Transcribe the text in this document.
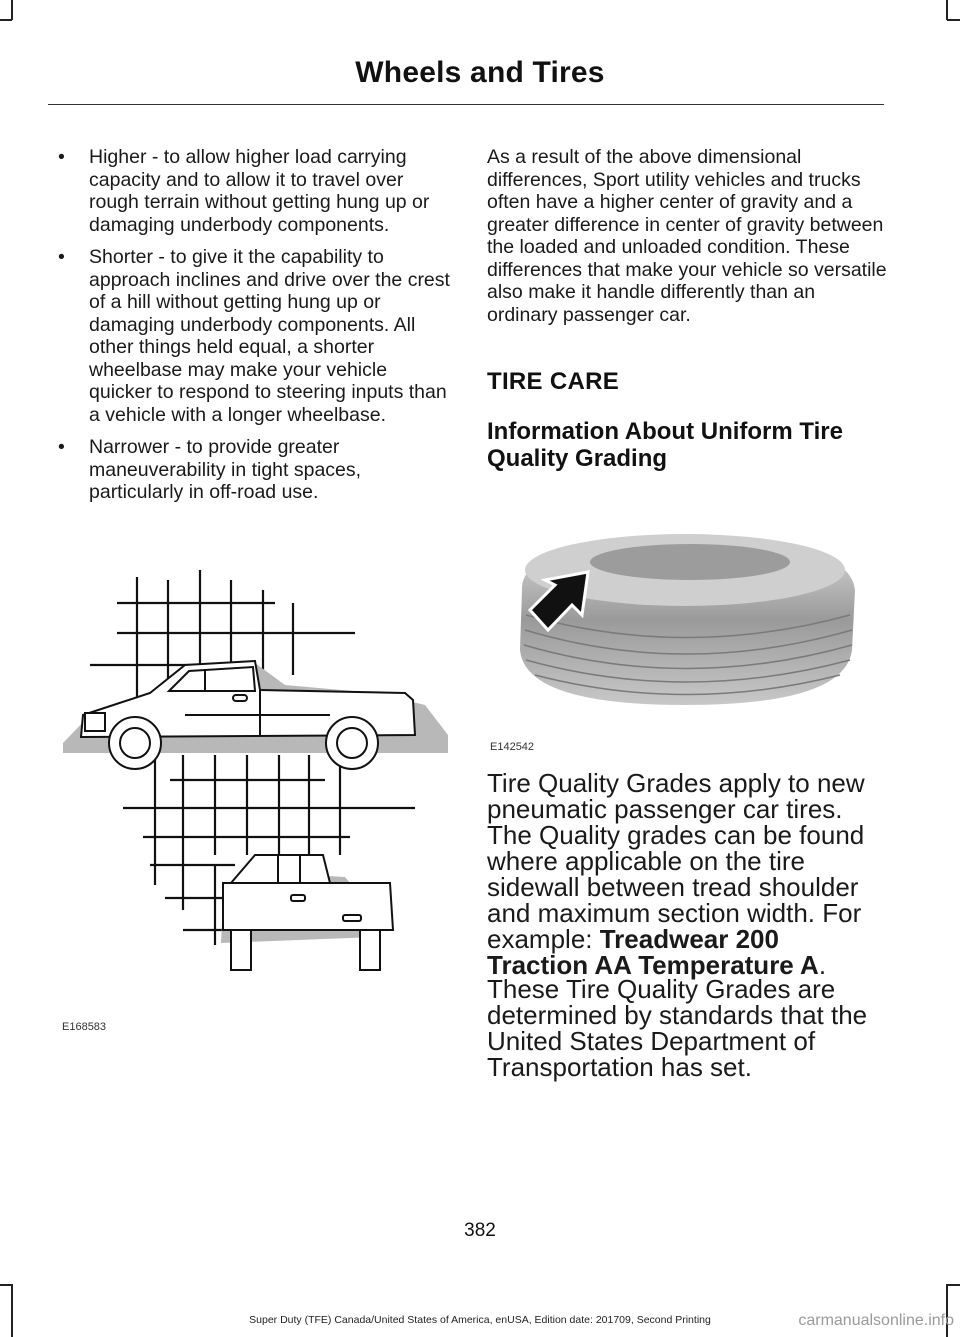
Wheels and Tires
• Higher - to allow higher load carrying capacity and to allow it to travel over rough terrain without getting hung up or damaging underbody components.
• Shorter - to give it the capability to approach inclines and drive over the crest of a hill without getting hung up or damaging underbody components. All other things held equal, a shorter wheelbase may make your vehicle quicker to respond to steering inputs than a vehicle with a longer wheelbase.
• Narrower - to provide greater maneuverability in tight spaces, particularly in off-road use.
E168583

As a result of the above dimensional differences, Sport utility vehicles and trucks often have a higher center of gravity and a greater difference in center of gravity between the loaded and unloaded condition. These differences that make your vehicle so versatile also make it handle differently than an ordinary passenger car.

TIRE CARE
Information About Uniform Tire Quality Grading
E142542

Tire Quality Grades apply to new pneumatic passenger car tires. The Quality grades can be found where applicable on the tire sidewall between tread shoulder and maximum section width. For example: Treadwear 200 Traction AA Temperature A.

These Tire Quality Grades are determined by standards that the United States Department of Transportation has set.

382
Super Duty (TFE) Canada/United States of America, enUSA, Edition date: 201709, Second Printing	carmanualsonline.info
